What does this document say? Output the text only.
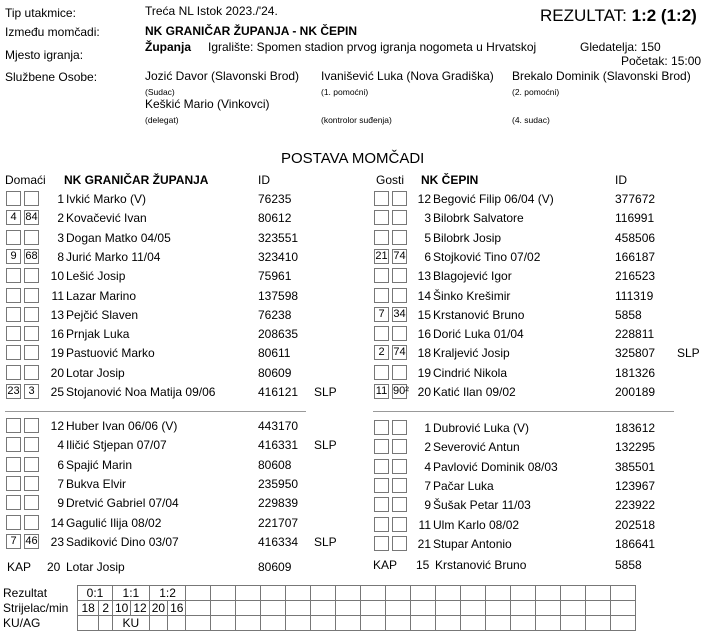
Tip utakmice:	Treća NL Istok 2023./'24.	REZULTAT: 1:2 (1:2)
Između momčadi:	NK GRANIČAR ŽUPANJA - NK ČEPIN
Mjesto igranja:
Županja Igralište: Spomen stadion prvog igranja nogometa u Hrvatskoj	Gledatelja: 150
Početak: 15:00
Službene Osobe:	Jozić Davor (Slavonski Brod)
(Sudac)
Ivanišević Luka (Nova Gradiška)
(1. pomoćni)
Brekalo Dominik (Slavonski Brod)
(2. pomoćni)
Keškić Mario (Vinkovci)
(delegat)	(kontrolor suđenja)	(4. sudac)
POSTAVA MOMČADI
Domaći NK GRANIČAR ŽUPANJA	ID	Gosti NK ČEPIN	ID
1 Ivkić Marko (V)	76235
4 84	2 Kovačević Ivan	80612
3 Dogan Matko 04/05	323551
9 68	8 Jurić Marko 11/04	323410
10 Lešić Josip	75961
11 Lazar Marino	137598
13 Pejčić Slaven	76238
16 Prnjak Luka	208635
19 Pastuović Marko	80611
20 Lotar Josip	80609
23 3	25 Stojanović Noa Matija 09/06	416121 SLP
12 Huber Ivan 06/06 (V)	443170
4 Iličić Stjepan 07/07	416331 SLP
6 Spajić Marin	80608
7 Bukva Elvir	235950
9 Dretvić Gabriel 07/04	229839
14 Gagulić Ilija 08/02	221707
7 46	23 Sadiković Dino 03/07	416334 SLP
12 Begović Filip 06/04 (V)	377672
3 Bilobrk Salvatore	116991
5 Bilobrk Josip	458506
21 74	6 Stojković Tino 07/02	166187
13 Blagojević Igor	216523
14 Šinko Krešimir	111319
7 34	15 Krstanović Bruno	5858
16 Dorić Luka 01/04	228811
2 74	18 Kraljević Josip	325807 SLP
19 Cindrić Nikola	181326
11 90² 20 Katić Ilan 09/02	200189
1 Dubrović Luka (V)	183612
2 Severović Antun	132295
4 Pavlović Dominik 08/03	385501
7 Pačar Luka	123967
9 Šušak Petar 11/03	223922
11 Ulm Karlo 08/02	202518
21 Stupar Antonio	186641
KAP 20 Lotar Josip	80609	KAP 15 Krstanović Bruno	5858
Rezultat	0:1		1:1		1:2																			
Strijelac/min	18	2	10	12	20	16																		
KU/AG			KU																					
